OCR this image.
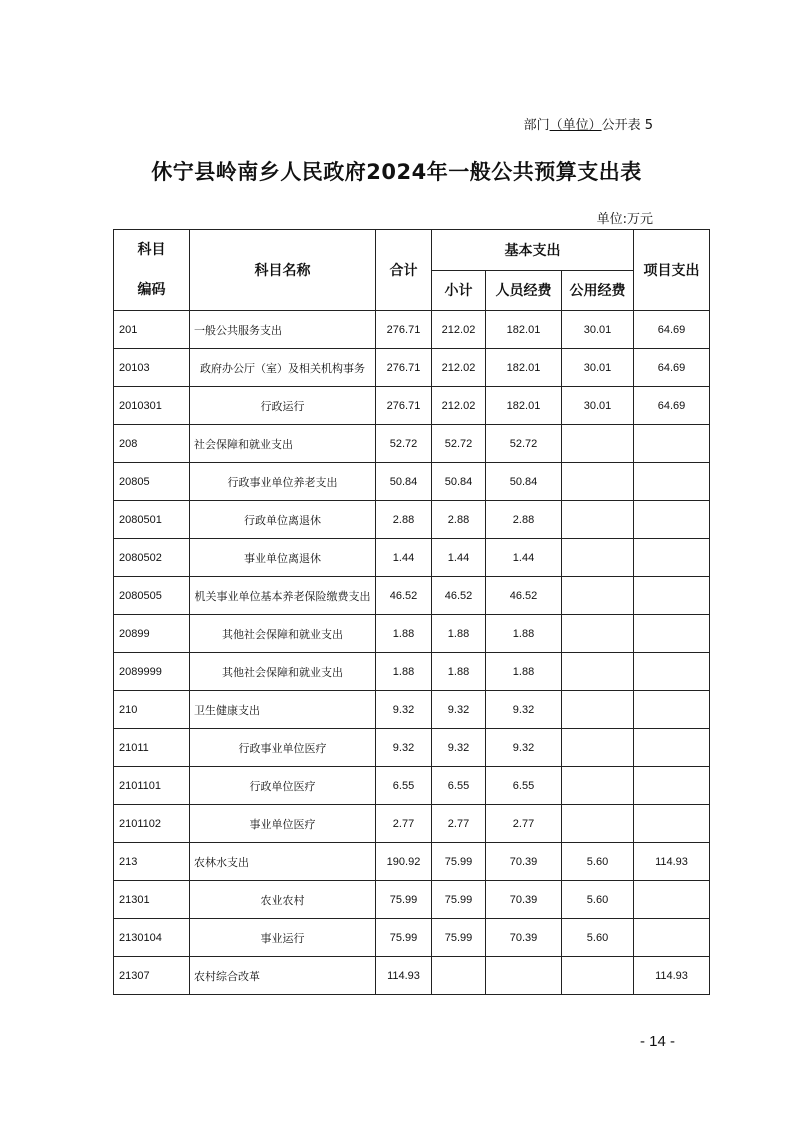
部门（单位）公开表 5
休宁县岭南乡人民政府2024年一般公共预算支出表
单位:万元
科目
编码	科目名称	合计	基本支出			项目支出
			小计	人员经费	公用经费	
201	一般公共服务支出	276.71	212.02	182.01	30.01	64.69
20103	政府办公厅（室）及相关机构事务	276.71	212.02	182.01	30.01	64.69
2010301	行政运行	276.71	212.02	182.01	30.01	64.69
208	社会保障和就业支出	52.72	52.72	52.72		
20805	行政事业单位养老支出	50.84	50.84	50.84		
2080501	行政单位离退休	2.88	2.88	2.88		
2080502	事业单位离退休	1.44	1.44	1.44		
2080505	机关事业单位基本养老保险缴费支出	46.52	46.52	46.52		
20899	其他社会保障和就业支出	1.88	1.88	1.88		
2089999	其他社会保障和就业支出	1.88	1.88	1.88		
210	卫生健康支出	9.32	9.32	9.32		
21011	行政事业单位医疗	9.32	9.32	9.32		
2101101	行政单位医疗	6.55	6.55	6.55		
2101102	事业单位医疗	2.77	2.77	2.77		
213	农林水支出	190.92	75.99	70.39	5.60	114.93
21301	农业农村	75.99	75.99	70.39	5.60	
2130104	事业运行	75.99	75.99	70.39	5.60	
21307	农村综合改革	114.93				114.93
- 14 -
